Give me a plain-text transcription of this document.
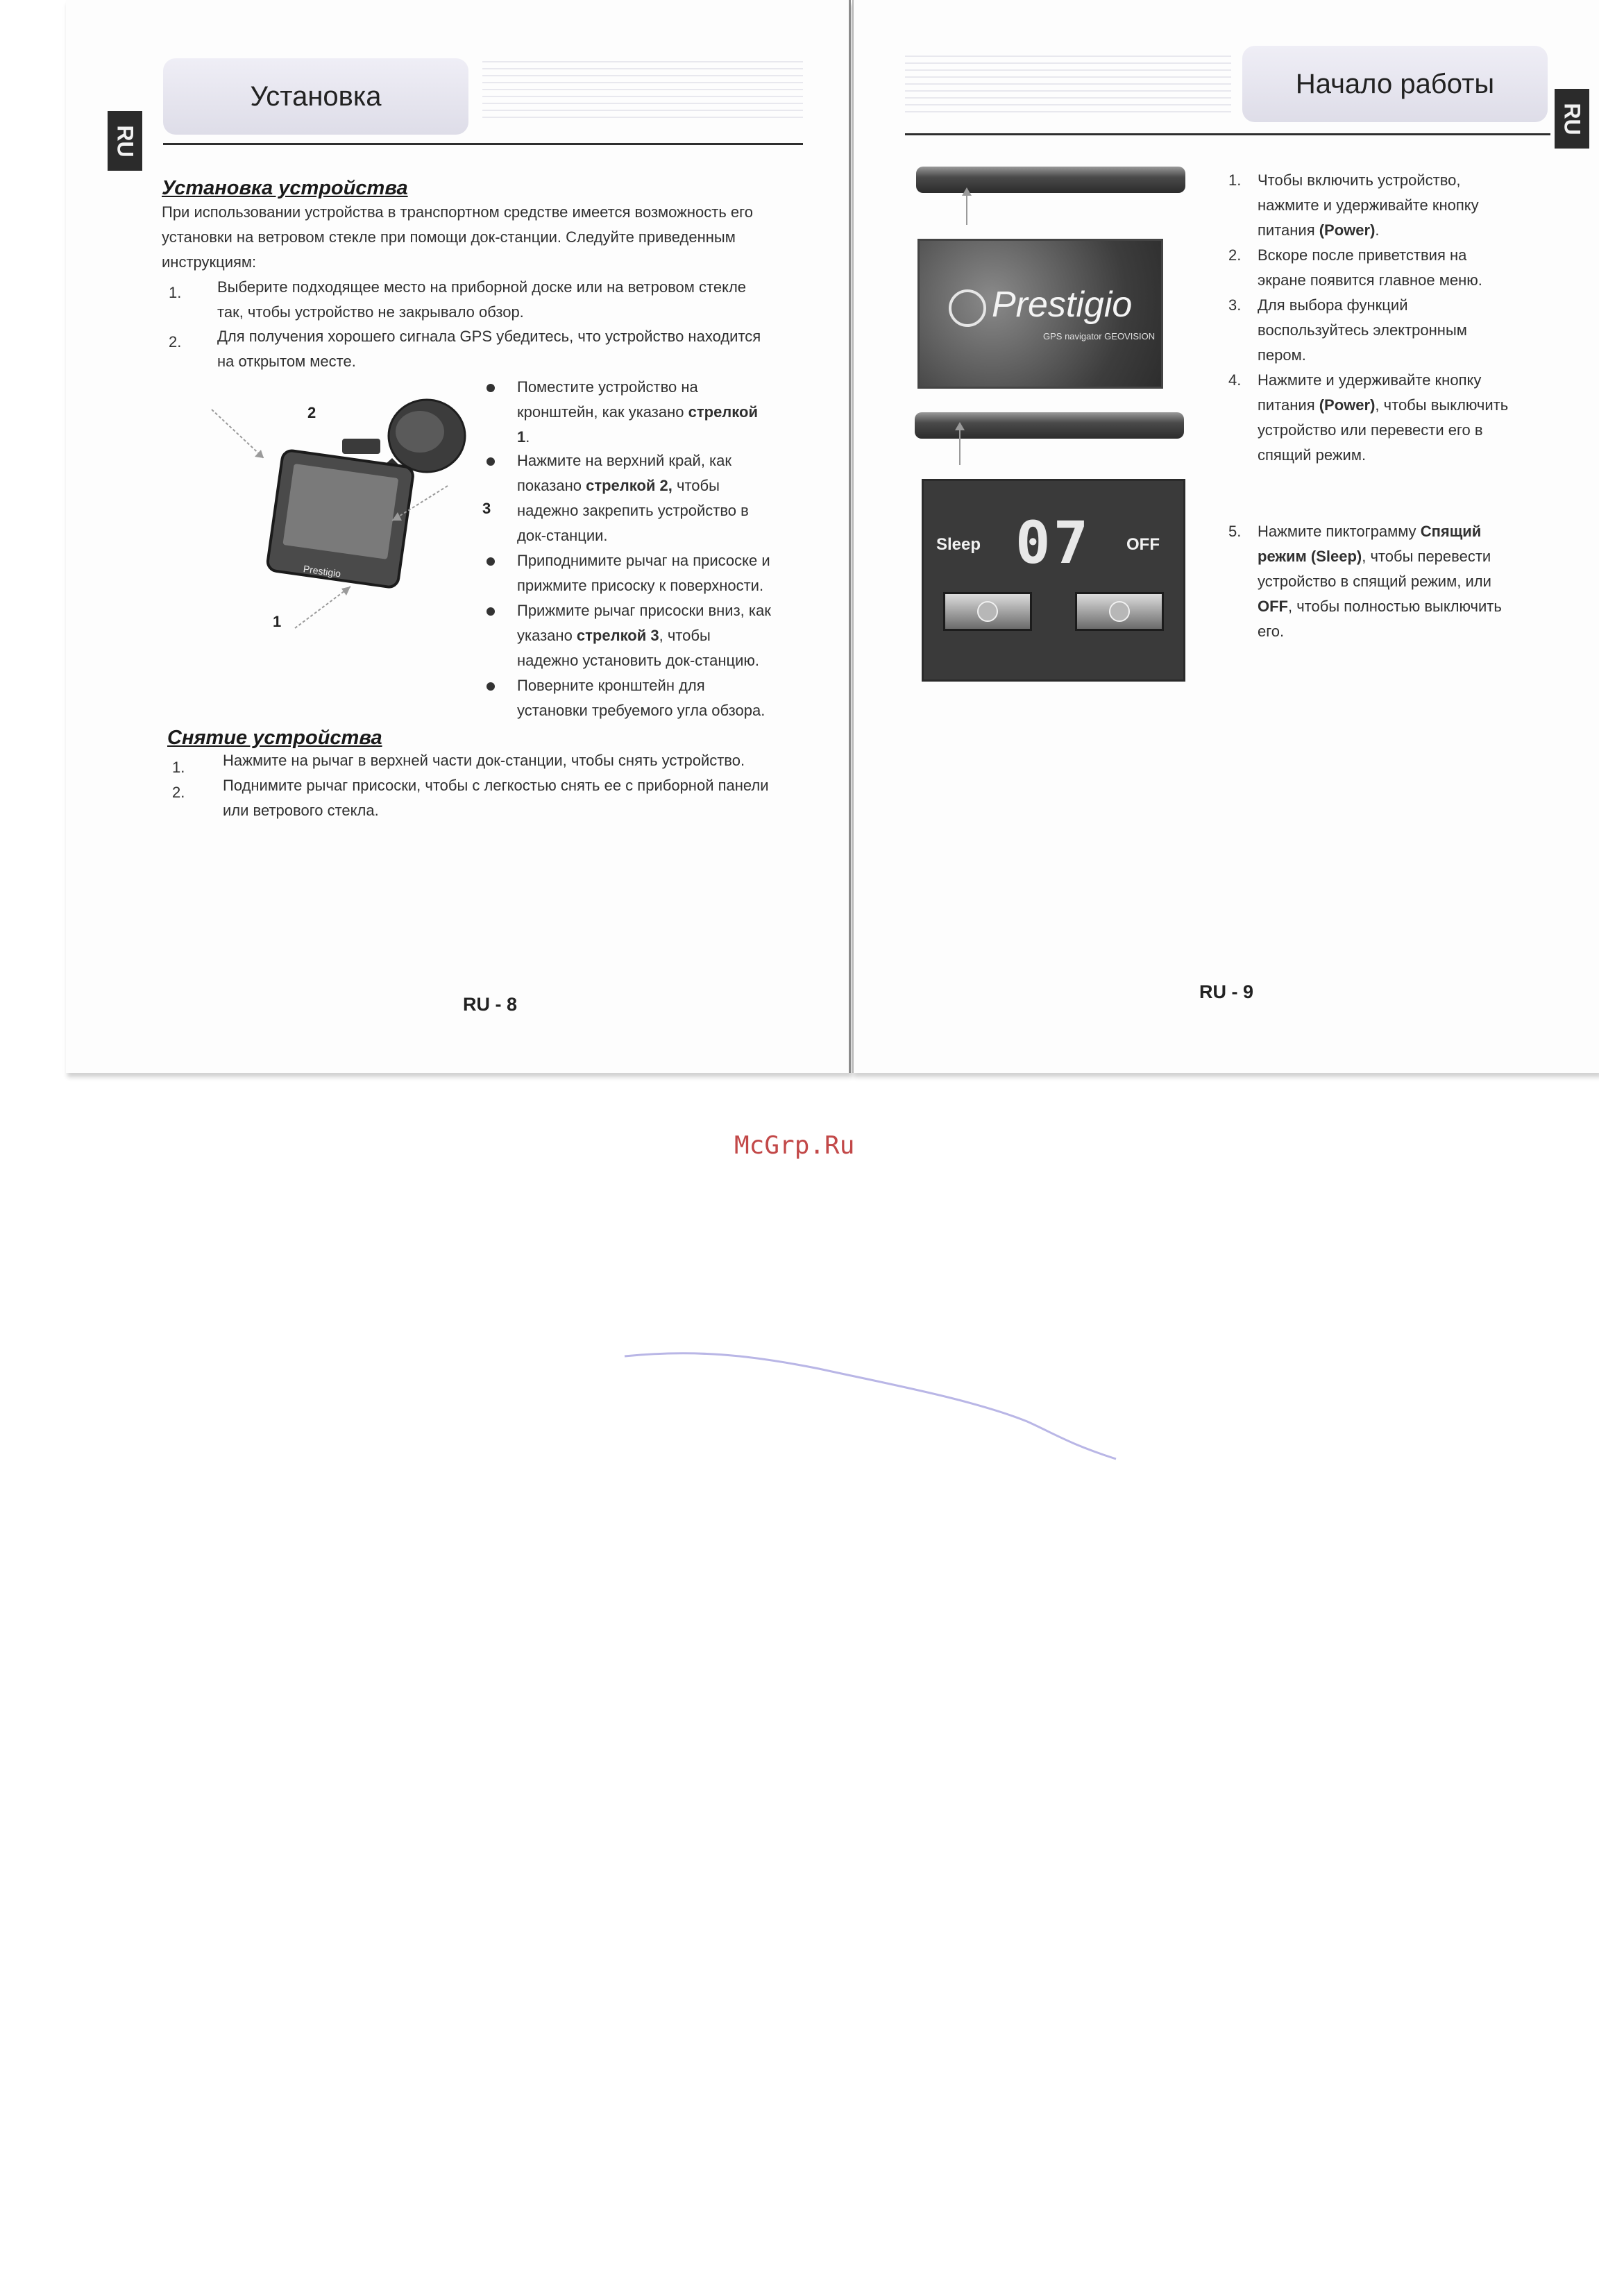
Установка
RU
Установка устройства
При использовании устройства в транспортном средстве имеется возможность его
установки на ветровом стекле при помощи док-станции. Следуйте приведенным
инструкциям:
1. Выберите подходящее место на приборной доске или на ветровом стекле
так, чтобы устройство не закрывало обзор.
2. Для получения хорошего сигнала GPS убедитесь, что устройство находится
на открытом месте.
Prestigio
2
3
1
Поместите устройство на
кронштейн, как указано стрелкой
1.
Нажмите на верхний край, как
показано стрелкой 2, чтобы
надежно закрепить устройство в
док-станции.
Приподнимите рычаг на присоске и
прижмите присоску к поверхности.
Прижмите рычаг присоски вниз, как
указано стрелкой 3, чтобы
надежно установить док-станцию.
Поверните кронштейн для
установки требуемого угла обзора.
Снятие устройства
1. Нажмите на рычаг в верхней части док-станции, чтобы снять устройство.
2. Поднимите рычаг присоски, чтобы с легкостью снять ее с приборной панели
или ветрового стекла.
RU - 8
Начало работы
RU
Prestigio
GPS navigator GEOVISION
Sleep 07 OFF
1. Чтобы включить устройство,
нажмите и удерживайте кнопку
питания (Power).
2. Вскоре после приветствия на
экране появится главное меню.
3. Для выбора функций
воспользуйтесь электронным
пером.
4. Нажмите и удерживайте кнопку
питания (Power), чтобы выключить
устройство или перевести его в
спящий режим.
5. Нажмите пиктограмму Спящий
режим (Sleep), чтобы перевести
устройство в спящий режим, или
OFF, чтобы полностью выключить
его.
RU - 9
McGrp.Ru
